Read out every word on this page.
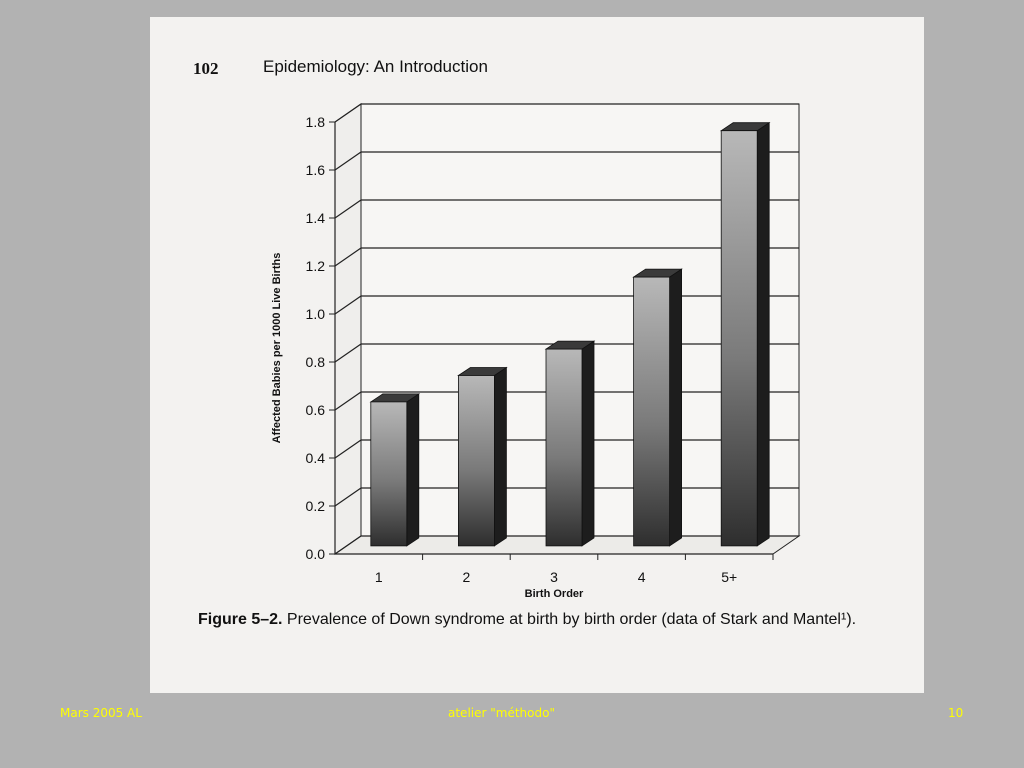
102	Epidemiology: An Introduction
0.0
0.2
0.4
0.6
0.8
1.0
1.2
1.4
1.6
1.8
1	2	3	4	5+
Birth Order
Affected Babies per 1000 Live Births
Figure 5–2. Prevalence of Down syndrome at birth by birth order (data of Stark and Mantel¹).
Mars 2005 AL	atelier "méthodo"	10
